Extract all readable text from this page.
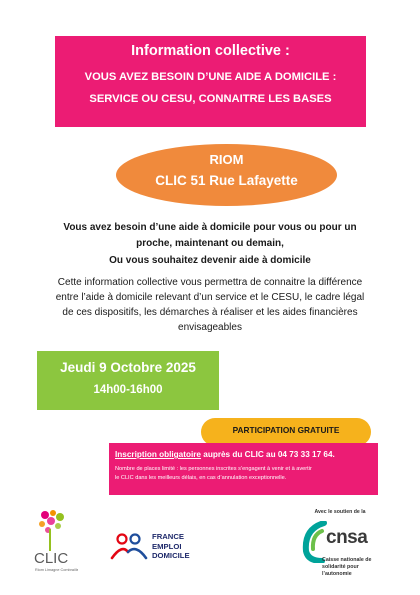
Information collective :
VOUS AVEZ BESOIN D’UNE AIDE A DOMICILE :
SERVICE OU CESU, CONNAITRE LES BASES
RIOM
CLIC 51 Rue Lafayette
Vous avez besoin d’une aide à domicile pour vous ou pour un
proche, maintenant ou demain,
Ou vous souhaitez devenir aide à domicile
Cette information collective vous permettra de connaitre la différence
entre l’aide à domicile relevant d’un service et le CESU, le cadre légal
de ces dispositifs, les démarches à réaliser et les aides financières
envisageables
Jeudi 9 Octobre 2025
14h00-16h00
PARTICIPATION GRATUITE
Inscription obligatoire auprès du CLIC au 04 73 33 17 64.
Nombre de places limité : les personnes inscrites s’engagent à venir et à avertir
le CLIC dans les meilleurs délais, en cas d’annulation exceptionnelle.
CLIC
Riom Limagne Combrailles
FRANCE
EMPLOI
DOMICILE
Avec le soutien de la
cnsa
Caisse nationale de
solidarité pour l’autonomie
